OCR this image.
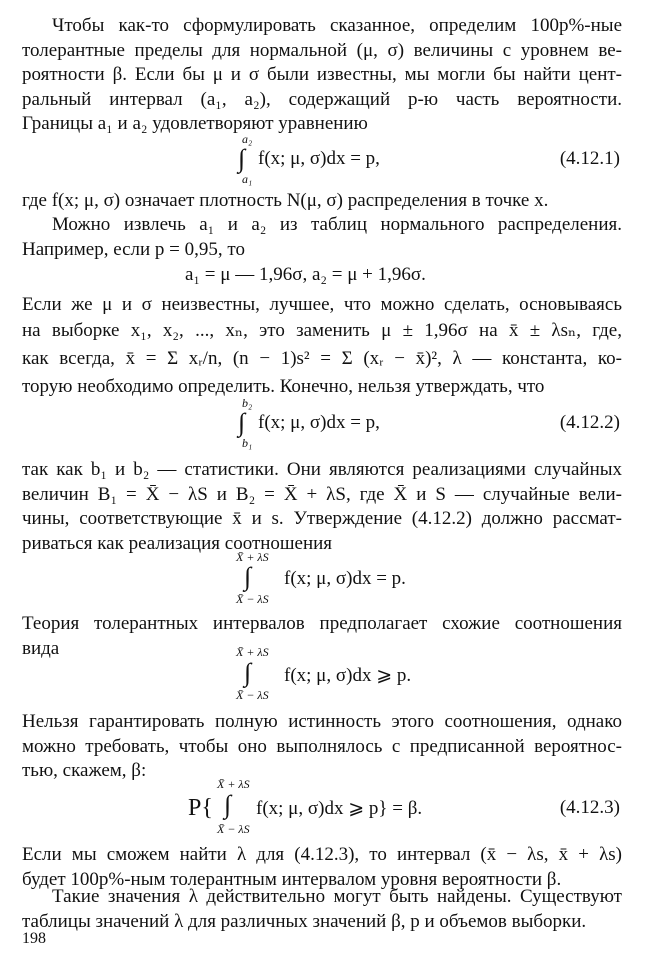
Чтобы как-то сформулировать сказанное, определим 100p%-ные
толерантные пределы для нормальной (μ, σ) величины с уровнем ве-
роятности β. Если бы μ и σ были известны, мы могли бы найти цент-
ральный интервал (a₁, a₂), содержащий p-ю часть вероятности.
Границы a₁ и a₂ удовлетворяют уравнению
a₂
∫
a₁
f(x; μ, σ)dx = p,	(4.12.1)
где f(x; μ, σ) означает плотность N(μ, σ) распределения в точке x.
Можно извлечь a₁ и a₂ из таблиц нормального распределения.
Например, если p = 0,95, то
a₁ = μ — 1,96σ, a₂ = μ + 1,96σ.
Если же μ и σ неизвестны, лучшее, что можно сделать, основываясь
на выборке x₁, x₂, ..., xₙ, это заменить μ ± 1,96σ на x̄ ± λsₙ, где,
как всегда, x̄ = Σ xᵣ/n, (n − 1)s² = Σ (xᵣ − x̄)², λ — константа, ко-
торую необходимо определить. Конечно, нельзя утверждать, что
b₂
∫
b₁
f(x; μ, σ)dx = p,	(4.12.2)
так как b₁ и b₂ — статистики. Они являются реализациями случайных
величин B₁ = X̄ − λS и B₂ = X̄ + λS, где X̄ и S — случайные вели-
чины, соответствующие x̄ и s. Утверждение (4.12.2) должно рассмат-
риваться как реализация соотношения
X̄ + λS
∫
X̄ − λS
f(x; μ, σ)dx = p.
Теория толерантных интервалов предполагает схожие соотношения
вида	X̄ + λS
∫
X̄ − λS
f(x; μ, σ)dx ⩾ p.
Нельзя гарантировать полную истинность этого соотношения, однако
можно требовать, чтобы оно выполнялось с предписанной вероятнос-
тью, скажем, β:
X̄ + λS
P{ ∫
X̄ − λS
f(x; μ, σ)dx ⩾ p} = β.	(4.12.3)
Если мы сможем найти λ для (4.12.3), то интервал (x̄ − λs, x̄ + λs)
будет 100p%-ным толерантным интервалом уровня вероятности β.
Такие значения λ действительно могут быть найдены. Существуют
таблицы значений λ для различных значений β, p и объемов выборки.
198
